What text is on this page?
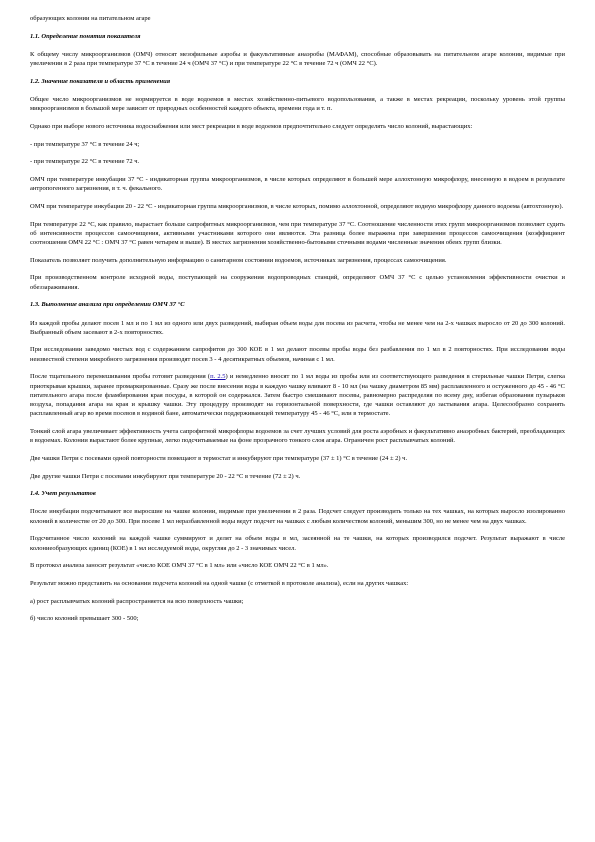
образующих колонии на питательном агаре
1.1. Определение понятия показателя
К общему числу микроорганизмов (ОМЧ) относят мезофильные аэробы и факультативные анаэробы (МАФАМ), способные образовывать на питательном агаре колонии, видимые при увеличении в 2 раза при температуре 37 °С в течение 24 ч (ОМЧ 37 °С) и при температуре 22 °С в течение 72 ч (ОМЧ 22 °С).
1.2. Значение показателя и область применения
Общее число микроорганизмов не нормируется в воде водоемов в местах хозяйственно-питьевого водопользования, а также в местах рекреации, поскольку уровень этой группы микроорганизмов в большой мере зависит от природных особенностей каждого объекта, времени года и т. п.
Однако при выборе нового источника водоснабжения или мест рекреации в воде водоемов предпочтительно следует определять число колоний, вырастающих:
- при температуре 37 °С в течение 24 ч;
- при температуре 22 °С в течение 72 ч.
ОМЧ при температуре инкубации 37 °С - индикаторная группа микроорганизмов, в числе которых определяют в большей мере аллохтонную микрофлору, внесенную в водоем в результате антропогенного загрязнения, в т. ч. фекального.
ОМЧ при температуре инкубации 20 - 22 °С - индикаторная группа микроорганизмов, в числе которых, помимо аллохтонной, определяют водную микрофлору данного водоема (автохтонную).
При температуре 22 °С, как правило, вырастает больше сапрофитных микроорганизмов, чем при температуре 37 °С. Соотношение численности этих групп микроорганизмов позволяет судить об интенсивности процессов самоочищения, активными участниками которого они являются. Эта разница более выражена при завершении процессов самоочищения (коэффициент соотношения ОМЧ 22 °С : ОМЧ 37 °С равен четырем и выше). В местах загрязнения хозяйственно-бытовыми сточными водами численные значения обеих групп близки.
Показатель позволяет получить дополнительную информацию о санитарном состоянии водоемов, источниках загрязнения, процессах самоочищения.
При производственном контроле исходной воды, поступающей на сооружения водопроводных станций, определяют ОМЧ 37 °С с целью установления эффективности очистки и обеззараживания.
1.3. Выполнение анализа при определении ОМЧ 37 °С
Из каждой пробы делают посев 1 мл и по 1 мл из одного или двух разведений, выбирая объем воды для посева из расчета, чтобы не менее чем на 2-х чашках выросло от 20 до 300 колоний. Выбранный объем засевают в 2-х повторностях.
При исследовании заведомо чистых вод с содержанием сапрофитов до 300 КОЕ в 1 мл делают посевы пробы воды без разбавления по 1 мл в 2 повторностях. При исследовании воды неизвестной степени микробного загрязнения производят посев 3 - 4 десятикратных объемов, начиная с 1 мл.
После тщательного перемешивания пробы готовят разведения (п. 2.5) и немедленно вносят по 1 мл воды из пробы или из соответствующего разведения в стерильные чашки Петри, слегка приоткрывая крышки, заранее промаркированные. Сразу же после внесения воды в каждую чашку вливают 8 - 10 мл (на чашку диаметром 85 мм) расплавленного и остуженного до 45 - 46 °С питательного агара после фламбирования края посуды, в которой он содержался. Затем быстро смешивают посевы, равномерно распределяя по всему дну, избегая образования пузырьков воздуха, попадания агара на края и крышку чашки. Эту процедуру производят на горизонтальной поверхности, где чашки оставляют до застывания агара. Целесообразно сохранять расплавленный агар во время посевов в водяной бане, автоматически поддерживающей температуру 45 - 46 °С, или в термостате.
Тонкий слой агара увеличивает эффективность учета сапрофитной микрофлоры водоемов за счет лучших условий для роста аэробных и факультативно анаэробных бактерий, преобладающих в водоемах. Колонии вырастают более крупные, легко подсчитываемые на фоне прозрачного тонкого слоя агара. Ограничен рост расплывчатых колоний.
Две чашки Петри с посевами одной повторности помещают в термостат и инкубируют при температуре (37 ± 1) °С в течение (24 ± 2) ч.
Две другие чашки Петри с посевами инкубируют при температуре 20 - 22 °С в течение (72 ± 2) ч.
1.4. Учет результатов
После инкубации подсчитывают все выросшие на чашке колонии, видимые при увеличении в 2 раза. Подсчет следует производить только на тех чашках, на которых выросло изолированно колоний в количестве от 20 до 300. При посеве 1 мл неразбавленной воды ведут подсчет на чашках с любым количеством колоний, меньшим 300, но не менее чем на двух чашках.
Подсчитанное число колоний на каждой чашке суммируют и делят на объем воды в мл, засеянной на те чашки, на которых производился подсчет. Результат выражают в числе колониеобразующих единиц (КОЕ) в 1 мл исследуемой воды, округляя до 2 - 3 значимых чисел.
В протокол анализа заносят результат «число КОЕ ОМЧ 37 °С в 1 мл» или «число КОЕ ОМЧ 22 °С в 1 мл».
Результат можно представить на основании подсчета колоний на одной чашке (с отметкой в протоколе анализа), если на других чашках:
а) рост расплывчатых колоний распространяется на всю поверхность чашки;
б) число колоний превышает 300 - 500;
